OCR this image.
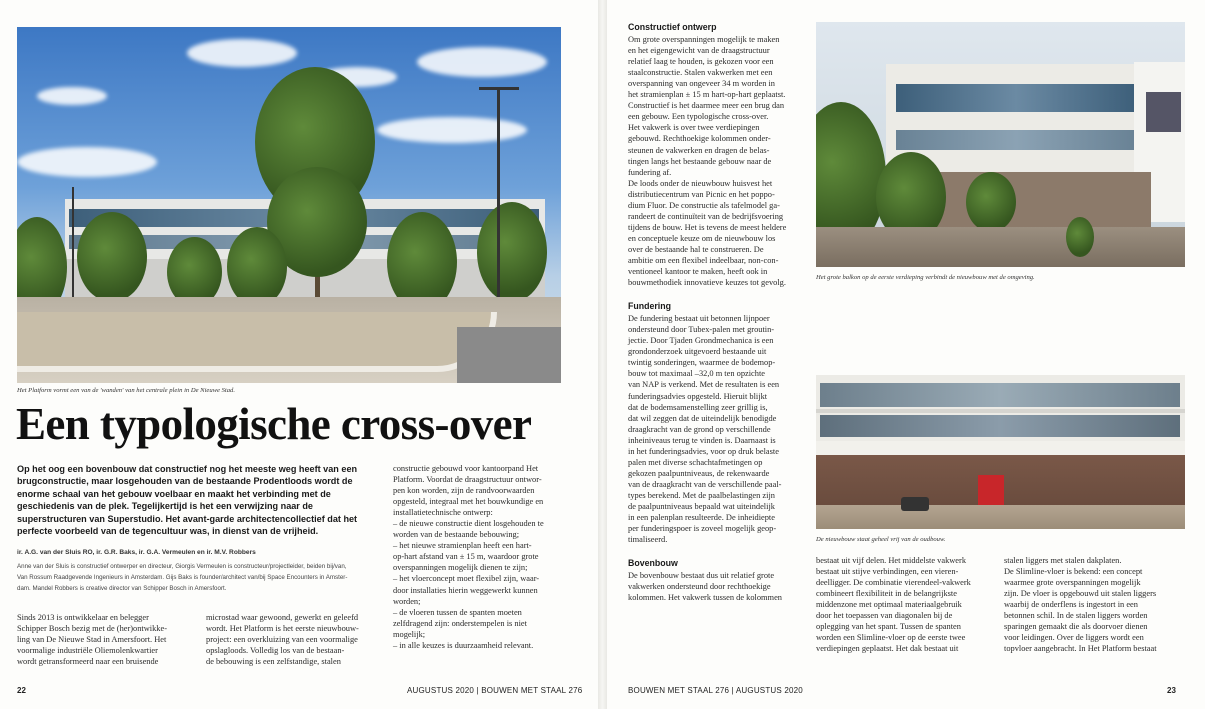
Het Platform vormt een van de 'wanden' van het centrale plein in De Nieuwe Stad.
Een typologische cross-over

Op het oog een bovenbouw dat constructief nog het meeste weg heeft van een brugconstructie, maar losgehouden van de bestaande Prodentloods wordt de enorme schaal van het gebouw voelbaar en maakt het verbinding met de geschiedenis van de plek. Tegelijkertijd is het een verwijzing naar de superstructuren van Superstudio. Het avant-garde architectencollectief dat het perfecte voorbeeld van de tegencultuur was, in dienst van de vrijheid.

ir. A.G. van der Sluis RO, ir. G.R. Baks, ir. G.A. Vermeulen en ir. M.V. Robbers

Anne van der Sluis is constructief ontwerper en directeur, Giorgis Vermeulen is constructeur/projectleider, beiden bij/van,
Van Rossum Raadgevende Ingenieurs in Amsterdam. Gijs Baks is founder/architect van/bij Space Encounters in Amster-
dam. Mandel Robbers is creative director van Schipper Bosch in Amersfoort.

Sinds 2013 is ontwikkelaar en belegger

Schipper Bosch bezig met de (her)ontwikke-

ling van De Nieuwe Stad in Amersfoort. Het

voormalige industriële Oliemolenkwartier

wordt getransformeerd naar een bruisende

microstad waar gewoond, gewerkt en geleefd

wordt. Het Platform is het eerste nieuwbouw-

project: een overkluizing van een voormalige

opslagloods. Volledig los van de bestaan-

de bebouwing is een zelfstandige, stalen

constructie gebouwd voor kantoorpand Het

Platform. Voordat de draagstructuur ontwor-

pen kon worden, zijn de randvoorwaarden

opgesteld, integraal met het bouwkundige en

installatietechnische ontwerp:

– de nieuwe constructie dient losgehouden te

worden van de bestaande bebouwing;

– het nieuwe stramienplan heeft een hart-

op-hart afstand van ± 15 m, waardoor grote

overspanningen mogelijk dienen te zijn;

– het vloerconcept moet flexibel zijn, waar-

door installaties hierin weggewerkt kunnen

worden;

– de vloeren tussen de spanten moeten

zelfdragend zijn: onderstempelen is niet

mogelijk;

– in alle keuzes is duurzaamheid relevant.

22	AUGUSTUS 2020 | BOUWEN MET STAAL 276

Constructief ontwerp

Om grote overspanningen mogelijk te maken

en het eigengewicht van de draagstructuur

relatief laag te houden, is gekozen voor een

staalconstructie. Stalen vakwerken met een

overspanning van ongeveer 34 m worden in

het stramienplan ± 15 m hart-op-hart geplaatst.

Constructief is het daarmee meer een brug dan

een gebouw. Een typologische cross-over.

Het vakwerk is over twee verdiepingen

gebouwd. Rechthoekige kolommen onder-

steunen de vakwerken en dragen de belas-

tingen langs het bestaande gebouw naar de

fundering af.

De loods onder de nieuwbouw huisvest het

distributiecentrum van Picnic en het poppo-

dium Fluor. De constructie als tafelmodel ga-

randeert de continuïteit van de bedrijfsvoering

tijdens de bouw. Het is tevens de meest heldere

en conceptuele keuze om de nieuwbouw los

over de bestaande hal te construeren. De

ambitie om een flexibel indeelbaar, non-con-

ventioneel kantoor te maken, heeft ook in

bouwmethodiek innovatieve keuzes tot gevolg.

Fundering

De fundering bestaat uit betonnen lijnpoer

ondersteund door Tubex-palen met groutin-

jectie. Door Tjaden Grondmechanica is een

grondonderzoek uitgevoerd bestaande uit

twintig sonderingen, waarmee de bodemop-

bouw tot maximaal –32,0 m ten opzichte

van NAP is verkend. Met de resultaten is een

funderingsadvies opgesteld. Hieruit blijkt

dat de bodemsamenstelling zeer grillig is,

dat wil zeggen dat de uiteindelijk benodigde

draagkracht van de grond op verschillende

inheiniveaus terug te vinden is. Daarnaast is

in het funderingsadvies, voor op druk belaste

palen met diverse schachtafmetingen op

gekozen paalpuntniveaus, de rekenwaarde

van de draagkracht van de verschillende paal-

types berekend. Met de paalbelastingen zijn

de paalpuntniveaus bepaald wat uiteindelijk

in een palenplan resulteerde. De inheidiepte

per funderingspoer is zoveel mogelijk geop-

timaliseerd.

Bovenbouw

De bovenbouw bestaat dus uit relatief grote

vakwerken ondersteund door rechthoekige

kolommen. Het vakwerk tussen de kolommen

Het grote balkon op de eerste verdieping verbindt de nieuwbouw met de omgeving.
De nieuwbouw staat geheel vrij van de oudbouw.

bestaat uit vijf delen. Het middelste vakwerk

bestaat uit stijve verbindingen, een vieren-

deelligger. De combinatie vierendeel-vakwerk

combineert flexibiliteit in de belangrijkste

middenzone met optimaal materiaalgebruik

door het toepassen van diagonalen bij de

oplegging van het spant. Tussen de spanten

worden een Slimline-vloer op de eerste twee

verdiepingen geplaatst. Het dak bestaat uit

stalen liggers met stalen dakplaten.

De Slimline-vloer is bekend: een concept

waarmee grote overspanningen mogelijk

zijn. De vloer is opgebouwd uit stalen liggers

waarbij de onderflens is ingestort in een

betonnen schil. In de stalen liggers worden

sparingen gemaakt die als doorvoer dienen

voor leidingen. Over de liggers wordt een

topvloer aangebracht. In Het Platform bestaat

BOUWEN MET STAAL 276 | AUGUSTUS 2020	23
